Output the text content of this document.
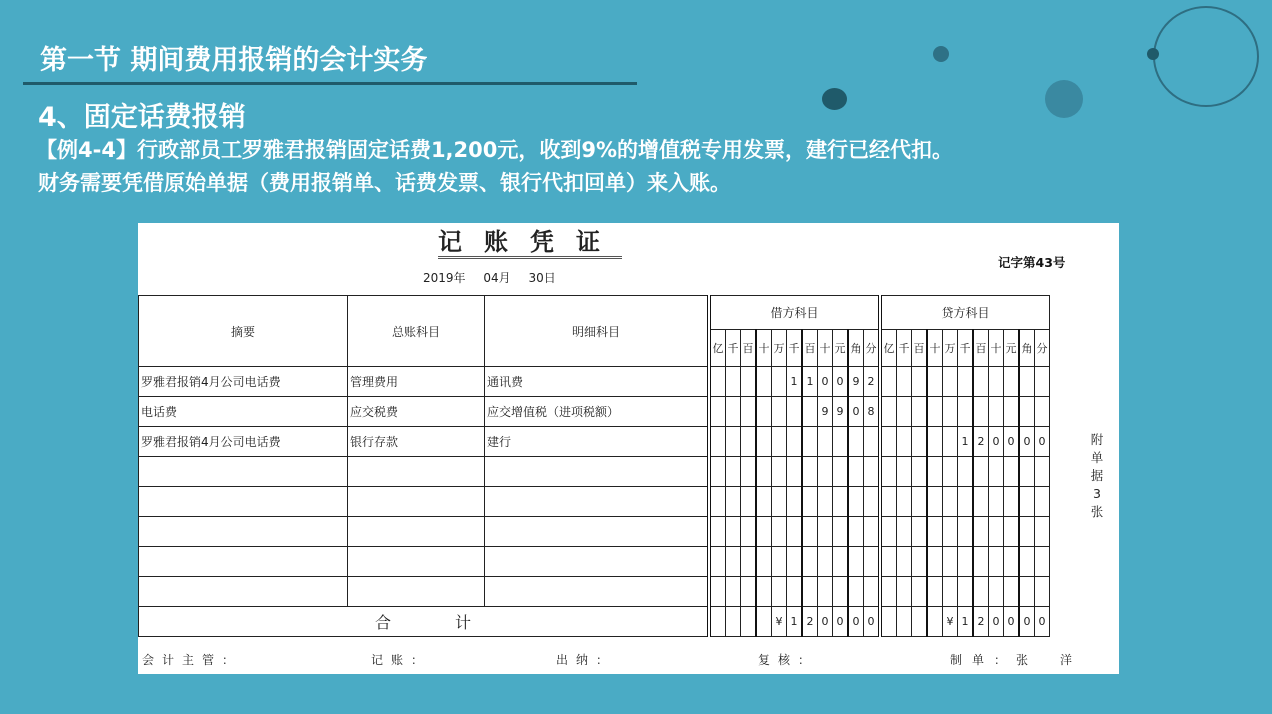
第一节 期间费用报销的会计实务
4、固定话费报销
【例4-4】行政部员工罗雅君报销固定话费1,200元，收到9%的增值税专用发票，建行已经代扣。
财务需要凭借原始单据（费用报销单、话费发票、银行代扣回单）来入账。
记账凭证
2019年 04月 30日
记字第43号
摘要	总账科目	明细科目	借方科目											贷方科目										
			亿	千	百	十	万	千	百	十	元	角	分	亿	千	百	十	万	千	百	十	元	角	分
罗雅君报销4月公司电话费	管理费用	通讯费						1	1	0	0	9	2											
电话费	应交税费	应交增值税（进项税额）								9	9	0	8											
罗雅君报销4月公司电话费	银行存款	建行																	1	2	0	0	0	0

合　　　　计							¥	1	2	0	0	0	0					¥	1	2	0	0	0	0
附
单
据
3
张
会计主管：	记账：	出纳：	复核：	制单：张　洋
